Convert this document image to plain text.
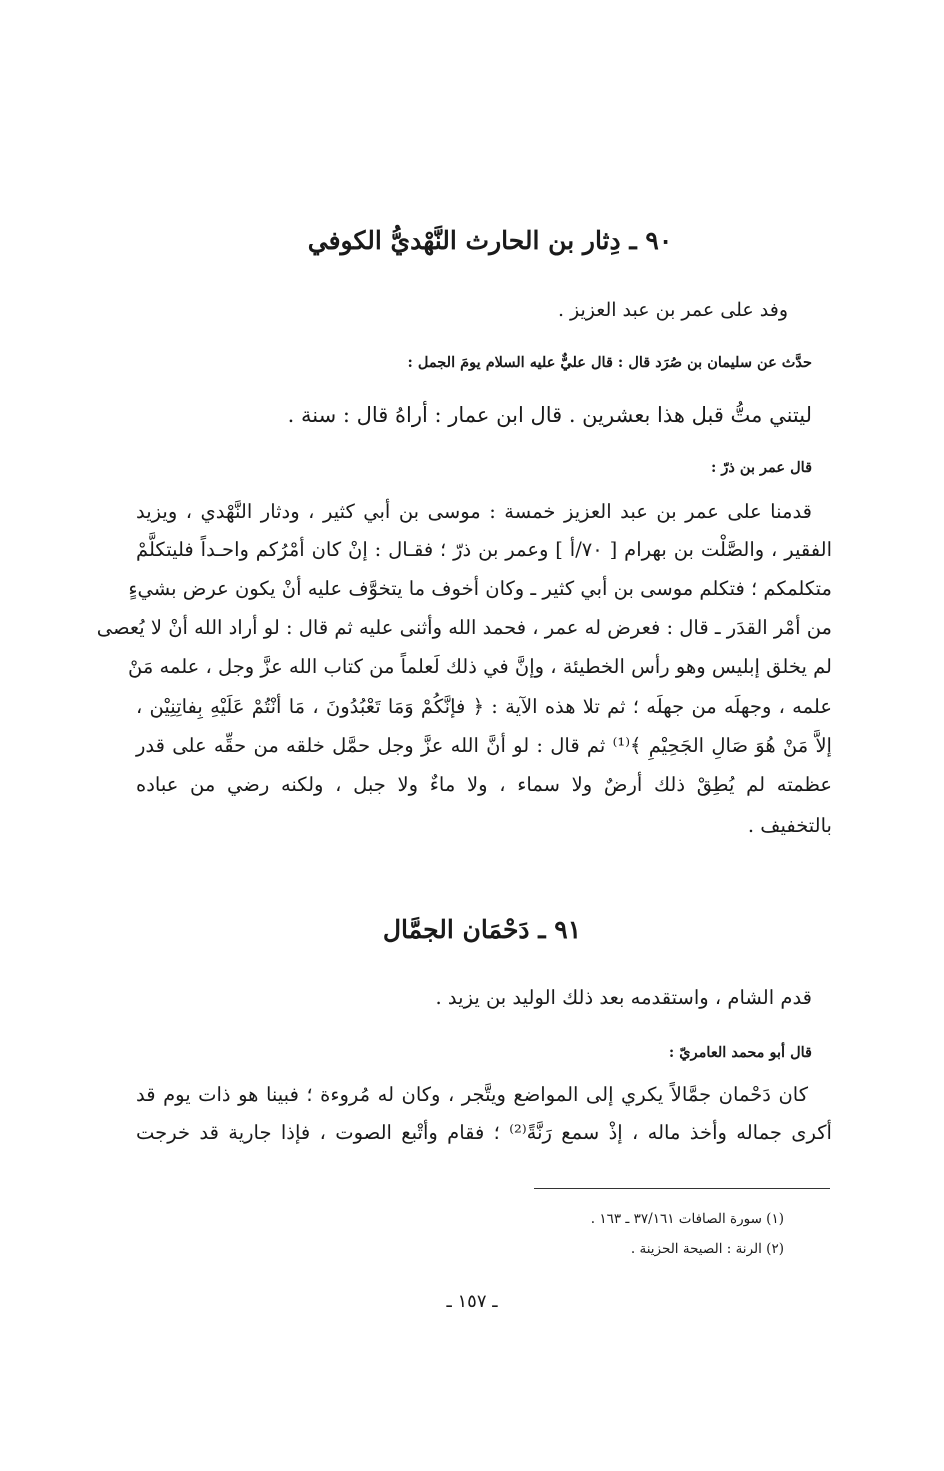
٩٠ ـ دِثار بن الحارث النَّهْديُّ الكوفي
وفد على عمر بن عبد العزيز .
حدَّث عن سليمان بن صُرَد قال : قال عليٌّ عليه السلام يومَ الجمل :
ليتني متُّ قبل هذا بعشرين . قال ابن عمار : أراهُ قال : سنة .
قال عمر بن ذرّ :
قدمنا على عمر بن عبد العزيز خمسة : موسى بن أبي كثير ، ودثار النَّهْدي ، ويزيد
الفقير ، والصَّلْت بن بهرام [ ٧٠/أ ] وعمر بن ذرّ ؛ فقـال : إنْ كان أمْرُكم واحـداً فليتكلَّمْ
متكلمكم ؛ فتكلم موسى بن أبي كثير ـ وكان أخوف ما يتخوَّف عليه أنْ يكون عرض بشيءٍ
من أمْر القدَر ـ قال : فعرض له عمر ، فحمد الله وأثنى عليه ثم قال : لو أراد الله أنْ لا يُعصى
لم يخلق إبليس وهو رأس الخطيئة ، وإنَّ في ذلك لَعلماً من كتاب الله عزَّ وجل ، علمه مَنْ
علمه ، وجهلَه من جهلَه ؛ ثم تلا هذه الآية : ﴿ فإنَّكُمْ وَمَا تَعْبُدُونَ ، مَا أنْتُمْ عَلَيْهِ بِفاتِنِيْن ،
إلاَّ مَنْ هُوَ صَالِ الجَحِيْمِ ﴾⁽¹⁾ ثم قال : لو أنَّ الله عزَّ وجل حمَّل خلقه من حقِّه على قدر
عظمته لم يُطِقْ ذلك أرضٌ ولا سماء ، ولا ماءٌ ولا جبل ، ولكنه رضي من عباده
بالتخفيف .
٩١ ـ دَحْمَان الجمَّال
قدم الشام ، واستقدمه بعد ذلك الوليد بن يزيد .
قال أبو محمد العامريّ :
كان دَحْمان جمَّالاً يكري إلى المواضع ويتَّجر ، وكان له مُروءة ؛ فبينا هو ذات يوم قد
أكرى جماله وأخذ ماله ، إذْ سمع رَنَّةً⁽²⁾ ؛ فقام وأتْبع الصوت ، فإذا جارية قد خرجت
(١) سورة الصافات ٣٧/١٦١ ـ ١٦٣ .
(٢) الرنة : الصيحة الحزينة .
ـ ١٥٧ ـ
